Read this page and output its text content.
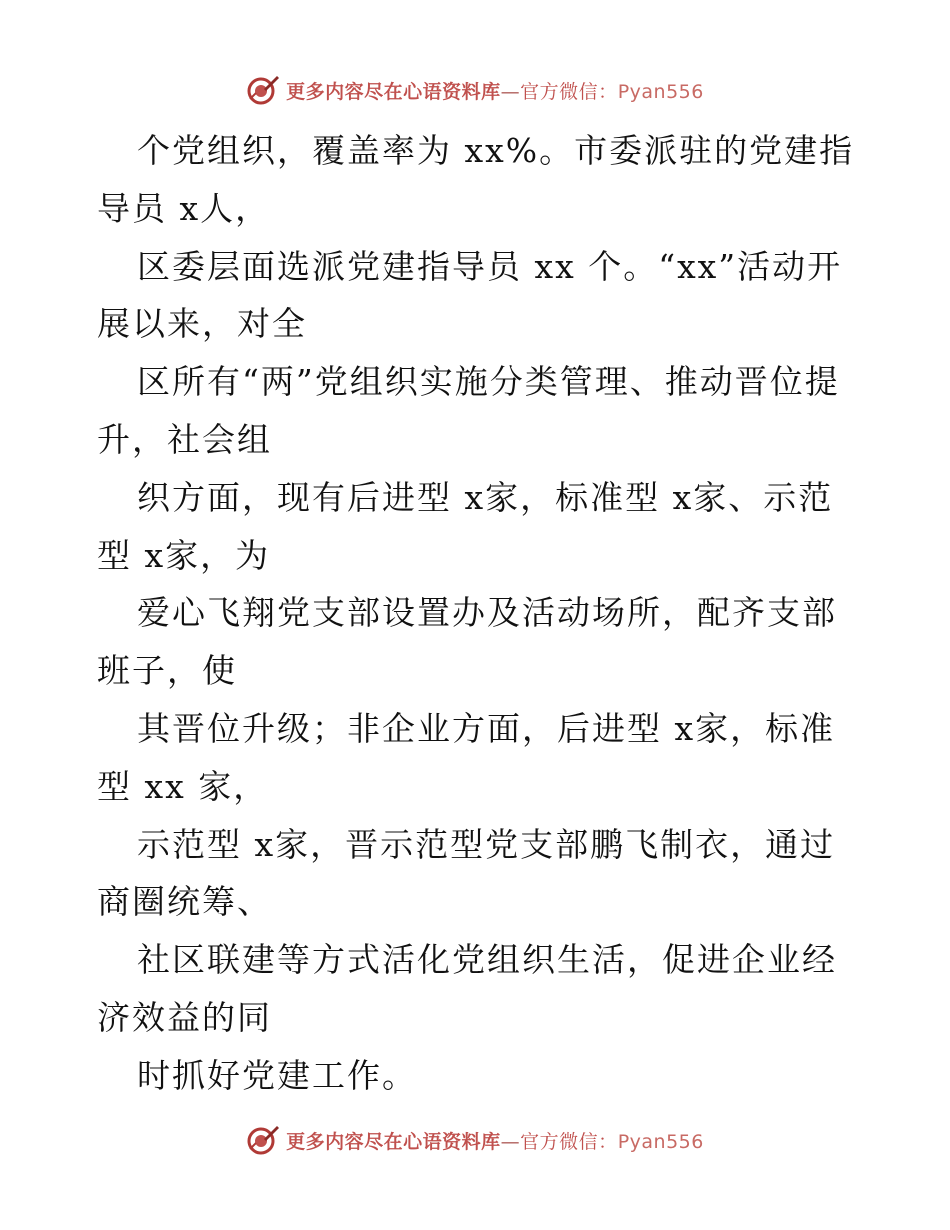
更多内容尽在心语资料库—官方微信：Pyan556

个党组织，覆盖率为 xx%。市委派驻的党建指导员 x人，

区委层面选派党建指导员 xx 个。“xx”活动开展以来，对全

区所有“两”党组织实施分类管理、推动晋位提升，社会组

织方面，现有后进型 x家，标准型 x家、示范型 x家，为

爱心飞翔党支部设置办及活动场所，配齐支部班子，使

其晋位升级；非企业方面，后进型 x家，标准型 xx 家，

示范型 x家，晋示范型党支部鹏飞制衣，通过商圈统筹、

社区联建等方式活化党组织生活，促进企业经济效益的同

时抓好党建工作。

更多内容尽在心语资料库—官方微信：Pyan556
